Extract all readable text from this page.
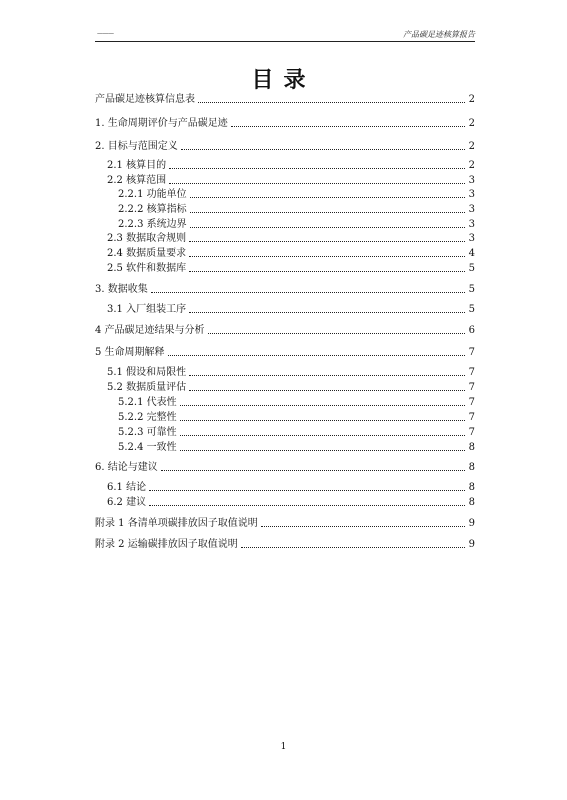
———	产品碳足迹核算报告
目录
产品碳足迹核算信息表	2
1. 生命周期评价与产品碳足迹	2
2. 目标与范围定义	2
2.1 核算目的	2
2.2 核算范围	3
2.2.1 功能单位	3
2.2.2 核算指标	3
2.2.3 系统边界	3
2.3 数据取舍规则	3
2.4 数据质量要求	4
2.5 软件和数据库	5
3. 数据收集	5
3.1 入厂组装工序	5
4 产品碳足迹结果与分析	6
5 生命周期解释	7
5.1 假设和局限性	7
5.2 数据质量评估	7
5.2.1 代表性	7
5.2.2 完整性	7
5.2.3 可靠性	7
5.2.4 一致性	8
6. 结论与建议	8
6.1 结论	8
6.2 建议	8
附录 1 各清单项碳排放因子取值说明	9
附录 2 运输碳排放因子取值说明	9
1
